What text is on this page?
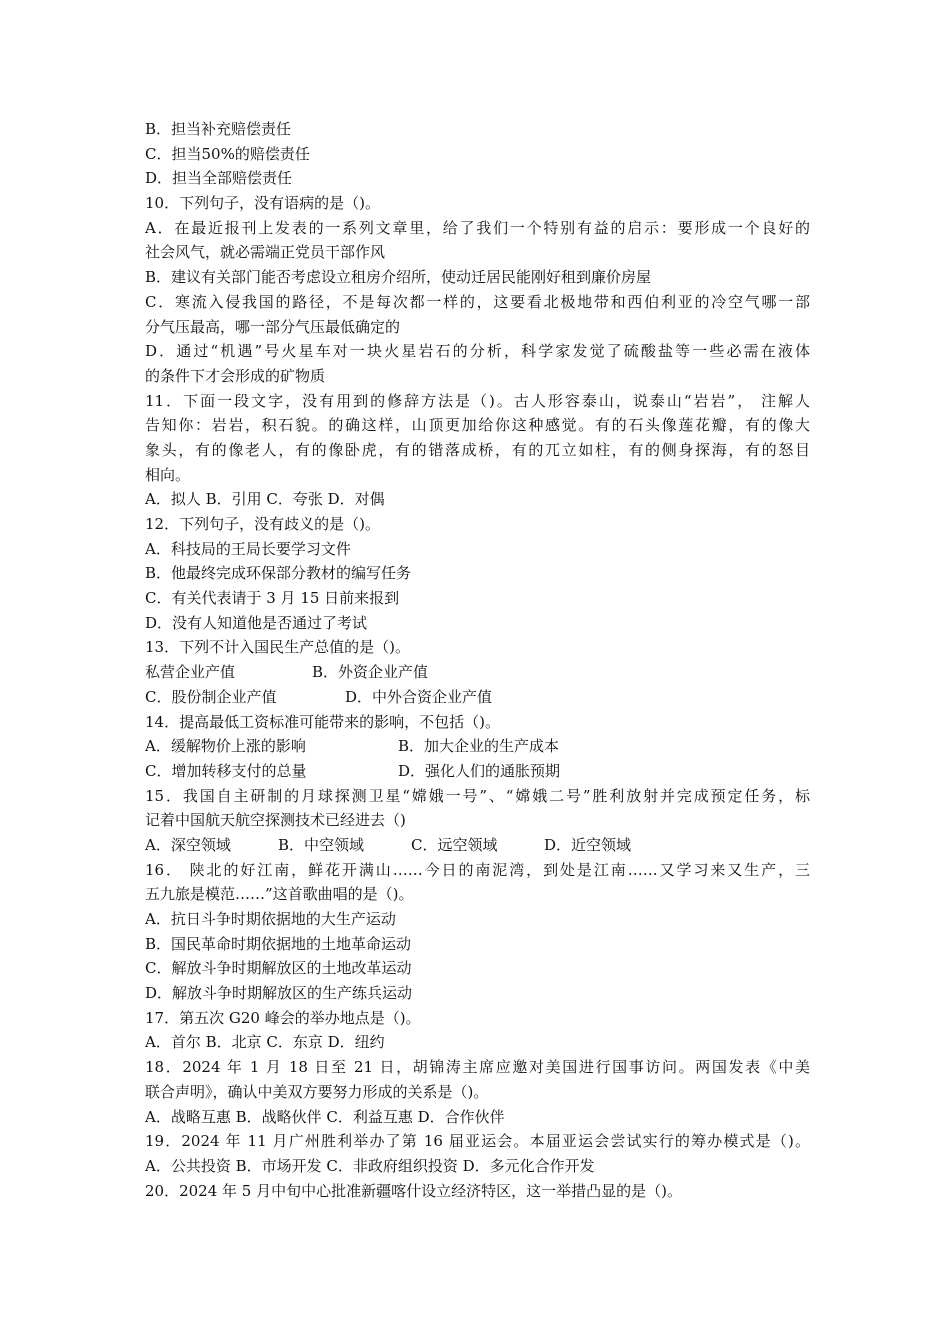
B．担当补充赔偿责任
C．担当50%的赔偿责任
D．担当全部赔偿责任
10．下列句子，没有语病的是（)。
A．在最近报刊上发表的一系列文章里，给了我们一个特别有益的启示：要形成一个良好的
社会风气，就必需端正党员干部作风
B．建议有关部门能否考虑设立租房介绍所，使动迁居民能刚好租到廉价房屋
C．寒流入侵我国的路径，不是每次都一样的，这要看北极地带和西伯利亚的冷空气哪一部
分气压最高，哪一部分气压最低确定的
D．通过“机遇”号火星车对一块火星岩石的分析，科学家发觉了硫酸盐等一些必需在液体
的条件下才会形成的矿物质
11．下面一段文字，没有用到的修辞方法是（)。古人形容泰山，说泰山“岩岩”， 注解人
告知你：岩岩，积石貌。的确这样，山顶更加给你这种感觉。有的石头像莲花瓣，有的像大
象头，有的像老人，有的像卧虎，有的错落成桥，有的兀立如柱，有的侧身探海，有的怒目
相向。
A．拟人 B．引用 C．夸张 D．对偶
12．下列句子，没有歧义的是（)。
A．科技局的王局长要学习文件
B．他最终完成环保部分教材的编写任务
C．有关代表请于 3 月 15 日前来报到
D．没有人知道他是否通过了考试
13．下列不计入国民生产总值的是（)。
私营企业产值	B．外资企业产值
C．股份制企业产值	D．中外合资企业产值
14．提高最低工资标准可能带来的影响，不包括（)。
A．缓解物价上涨的影响	B．加大企业的生产成本
C．增加转移支付的总量	D．强化人们的通胀预期
15．我国自主研制的月球探测卫星“嫦娥一号”、“嫦娥二号”胜利放射并完成预定任务，标
记着中国航天航空探测技术已经进去（)
A．深空领域	B．中空领域	C．远空领域	D．近空领域
16． 陕北的好江南，鲜花开满山……今日的南泥湾，到处是江南……又学习来又生产，三
五九旅是模范……”这首歌曲唱的是（)。
A．抗日斗争时期依据地的大生产运动
B．国民革命时期依据地的土地革命运动
C．解放斗争时期解放区的土地改革运动
D．解放斗争时期解放区的生产练兵运动
17．第五次 G20 峰会的举办地点是（)。
A．首尔 B．北京 C．东京 D．纽约
18．2024 年 1 月 18 日至 21 日，胡锦涛主席应邀对美国进行国事访问。两国发表《中美
联合声明》，确认中美双方要努力形成的关系是（)。
A．战略互惠 B．战略伙伴 C．利益互惠 D．合作伙伴
19．2024 年 11 月广州胜利举办了第 16 届亚运会。本届亚运会尝试实行的筹办模式是（)。
A．公共投资 B．市场开发 C．非政府组织投资 D．多元化合作开发
20．2024 年 5 月中旬中心批准新疆喀什设立经济特区，这一举措凸显的是（)。
